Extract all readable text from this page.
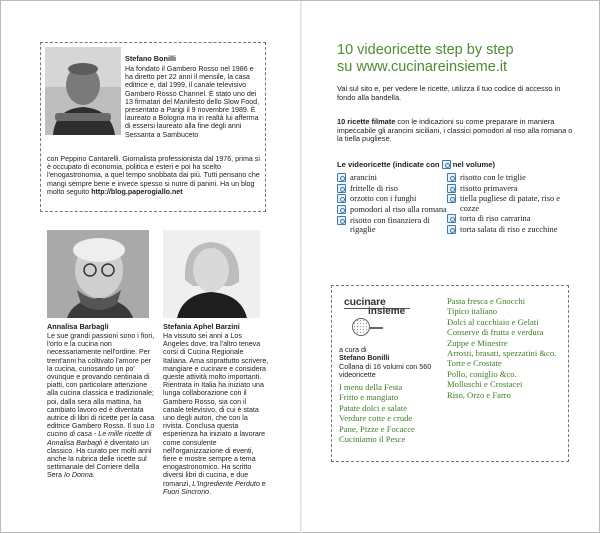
Stefano Bonilli
Ha fondato il Gambero Rosso nel 1986 e ha diretto per 22 anni il mensile, la casa editrice e, dal 1999, il canale televisivo Gambero Rosso Channel. È stato uno dei 13 firmatari del Manifesto dello Slow Food, presentato a Parigi il 9 novembre 1989. È laureato a Bologna ma in realtà lui afferma di essersi laureato alla fine degli anni Sessanta a Sambuceto
con Peppino Cantarelli. Giornalista professionista dal 1976, prima si è occupato di economia, politica e esteri e poi ha scelto l'enogastronomia, a quel tempo snobbata dai più. Tutti pensano che mangi sempre bene e invece spesso si nutre di panini. Ha un blog molto seguito http://blog.paperogiallo.net
Annalisa Barbagli
Le sue grandi passioni sono i fiori, l'orto e la cucina non necessariamente nell'ordine. Per trent'anni ha coltivato l'amore per la cucina, curiosando un po' ovunque e provando centinaia di piatti, con particolare attenzione alla cucina classica e tradizionale; poi, dalla sera alla mattina, ha cambiato lavoro ed è diventata autrice di libri di ricette per la casa editrice Gambero Rosso. Il suo Lo cucino di casa - Le mille ricette di Annalisa Barbagli è diventato un classico. Ha curato per molti anni anche la rubrica delle ricette sul settimanale del Corriere della Sera Io Donna.
Stefania Aphel Barzini
Ha vissuto sei anni a Los Angeles dove, tra l'altro teneva corsi di Cucina Regionale Italiana. Ama soprattutto scrivere, mangiare e cucinare e considera queste attività molto importanti. Rientrata in Italia ha iniziato una lunga collaborazione con il Gambero Rosso, sia con il canale televisivo, di cui è stata uno degli autori, che con la rivista. Conclusa questa esperienza ha iniziato a lavorare come consulente nell'organizzazione di eventi, fiere e mostre sempre a tema enogastronomico. Ha scritto diversi libri di cucina, e due romanzi, L'Ingrediente Perduto e Fuori Sincrono.
10 videoricette step by step
su www.cucinareinsieme.it
Vai sul sito e, per vedere le ricette, utilizza il tuo codice di accesso in fondo alla bandella.
10 ricette filmate con le indicazioni su come preparare in maniera impeccabile gli arancini siciliani, i classici pomodori al riso alla romana o la tiella pugliese.
Le videoricette (indicate con nel volume)
arancini
frittelle di riso
orzotto con i funghi
pomodori al riso alla romana
risotto con finanziera di rigaglie
risotto con le triglie
risotto primavera
tiella pugliese di patate, riso e cozze
torta di riso carrarina
torta salata di riso e zucchine
cucinare
insieme
a cura di
Stefano Bonilli
Collana di 16 volumi con 560 videoricette
I menu della Festa
Fritto e mangiato
Patate dolci e salate
Verdure cotte e crude
Pane, Pizze e Focacce
Cuciniamo il Pesce
Pasta fresca e Gnocchi
Tipico italiano
Dolci al cucchiaio e Gelati
Conserve di frutta e verdura
Zuppe e Minestre
Arrosti, brasati, spezzatini &co.
Torte e Crostate
Pollo, coniglio &co.
Molluschi e Crostacei
Riso, Orzo e Farro
